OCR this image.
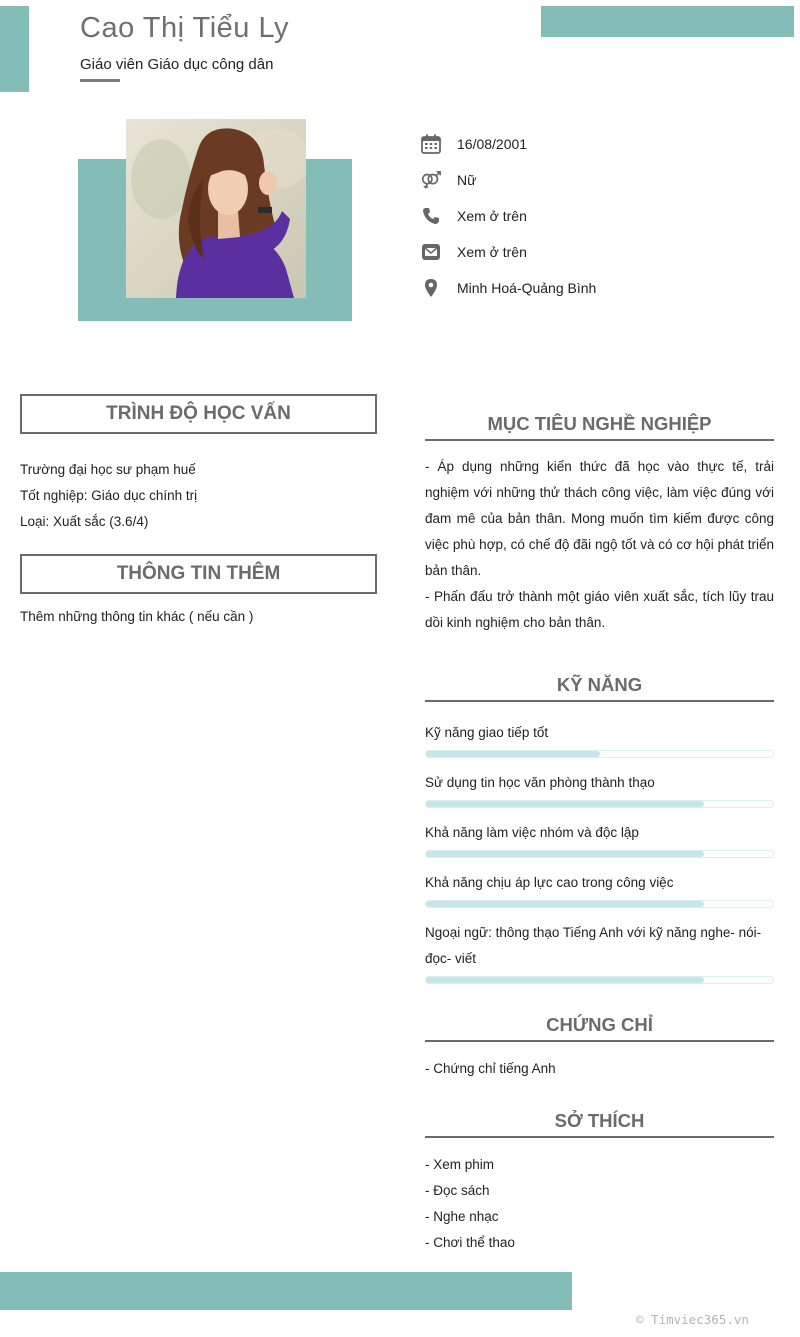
Cao Thị Tiểu Ly
Giáo viên Giáo dục công dân
16/08/2001
Nữ
Xem ở trên
Xem ở trên
Minh Hoá-Quảng Bình
TRÌNH ĐỘ HỌC VẤN
Trường đại học sư phạm huế
Tốt nghiệp: Giáo dục chính trị
Loại: Xuất sắc (3.6/4)
THÔNG TIN THÊM
Thêm những thông tin khác ( nếu cần )
MỤC TIÊU NGHỀ NGHIỆP
- Áp dụng những kiến thức đã học vào thực tế, trải nghiệm với những thử thách công việc, làm việc đúng với đam mê của bản thân. Mong muốn tìm kiếm được công việc phù hợp, có chế độ đãi ngộ tốt và có cơ hội phát triển bản thân.
- Phấn đấu trở thành một giáo viên xuất sắc, tích lũy trau dồi kinh nghiệm cho bản thân.
KỸ NĂNG
Kỹ năng giao tiếp tốt
Sử dụng tin học văn phòng thành thạo
Khả năng làm việc nhóm và độc lập
Khả năng chịu áp lực cao trong công việc
Ngoại ngữ: thông thạo Tiếng Anh với kỹ năng nghe- nói- đọc- viết
CHỨNG CHỈ
- Chứng chỉ tiếng Anh
SỞ THÍCH
- Xem phim
- Đọc sách
- Nghe nhạc
- Chơi thể thao
© Timviec365.vn
